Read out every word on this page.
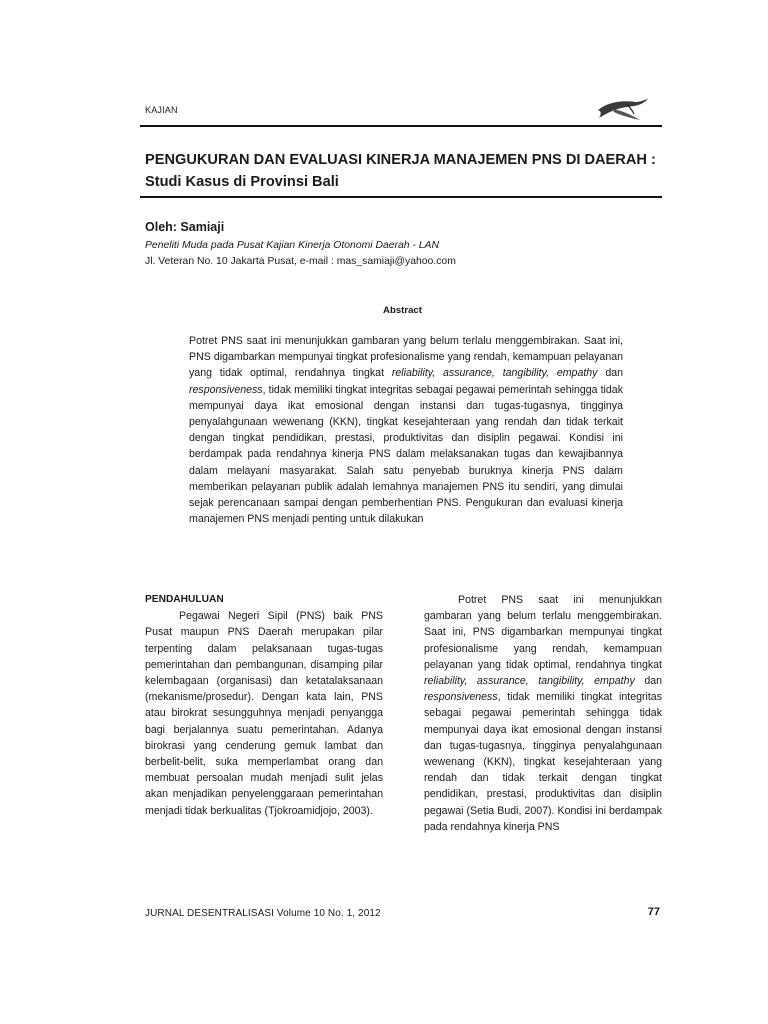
KAJIAN
PENGUKURAN DAN EVALUASI KINERJA MANAJEMEN PNS DI DAERAH : Studi Kasus di Provinsi Bali
Oleh: Samiaji
Peneliti Muda pada Pusat Kajian Kinerja Otonomi Daerah - LAN
Jl. Veteran No. 10 Jakarta Pusat, e-mail : mas_samiaji@yahoo.com
Abstract

Potret PNS saat ini menunjukkan gambaran yang belum terlalu menggembirakan. Saat ini, PNS digambarkan mempunyai tingkat profesionalisme yang rendah, kemampuan pelayanan yang tidak optimal, rendahnya tingkat reliability, assurance, tangibility, empathy dan responsiveness, tidak memiliki tingkat integritas sebagai pegawai pemerintah sehingga tidak mempunyai daya ikat emosional dengan instansi dan tugas-tugasnya, tingginya penyalahgunaan wewenang (KKN), tingkat kesejahteraan yang rendah dan tidak terkait dengan tingkat pendidikan, prestasi, produktivitas dan disiplin pegawai. Kondisi ini berdampak pada rendahnya kinerja PNS dalam melaksanakan tugas dan kewajibannya dalam melayani masyarakat. Salah satu penyebab buruknya kinerja PNS dalam memberikan pelayanan publik adalah lemahnya manajemen PNS itu sendiri, yang dimulai sejak perencanaan sampai dengan pemberhentian PNS. Pengukuran dan evaluasi kinerja manajemen PNS menjadi penting untuk dilakukan

PENDAHULUAN

Pegawai Negeri Sipil (PNS) baik PNS Pusat maupun PNS Daerah merupakan pilar terpenting dalam pelaksanaan tugas-tugas pemerintahan dan pembangunan, disamping pilar kelembagaan (organisasi) dan ketatalaksanaan (mekanisme/prosedur). Dengan kata lain, PNS atau birokrat sesungguhnya menjadi penyangga bagi berjalannya suatu pemerintahan. Adanya birokrasi yang cenderung gemuk lambat dan berbelit-belit, suka memperlambat orang dan membuat persoalan mudah menjadi sulit jelas akan menjadikan penyelenggaraan pemerintahan menjadi tidak berkualitas (Tjokroamidjojo, 2003).

Potret PNS saat ini menunjukkan gambaran yang belum terlalu menggembirakan. Saat ini, PNS digambarkan mempunyai tingkat profesionalisme yang rendah, kemampuan pelayanan yang tidak optimal, rendahnya tingkat reliability, assurance, tangibility, empathy dan responsiveness, tidak memiliki tingkat integritas sebagai pegawai pemerintah sehingga tidak mempunyai daya ikat emosional dengan instansi dan tugas-tugasnya, tingginya penyalahgunaan wewenang (KKN), tingkat kesejahteraan yang rendah dan tidak terkait dengan tingkat pendidikan, prestasi, produktivitas dan disiplin pegawai (Setia Budi, 2007). Kondisi ini berdampak pada rendahnya kinerja PNS

JURNAL DESENTRALISASI Volume 10 No. 1, 2012	77
